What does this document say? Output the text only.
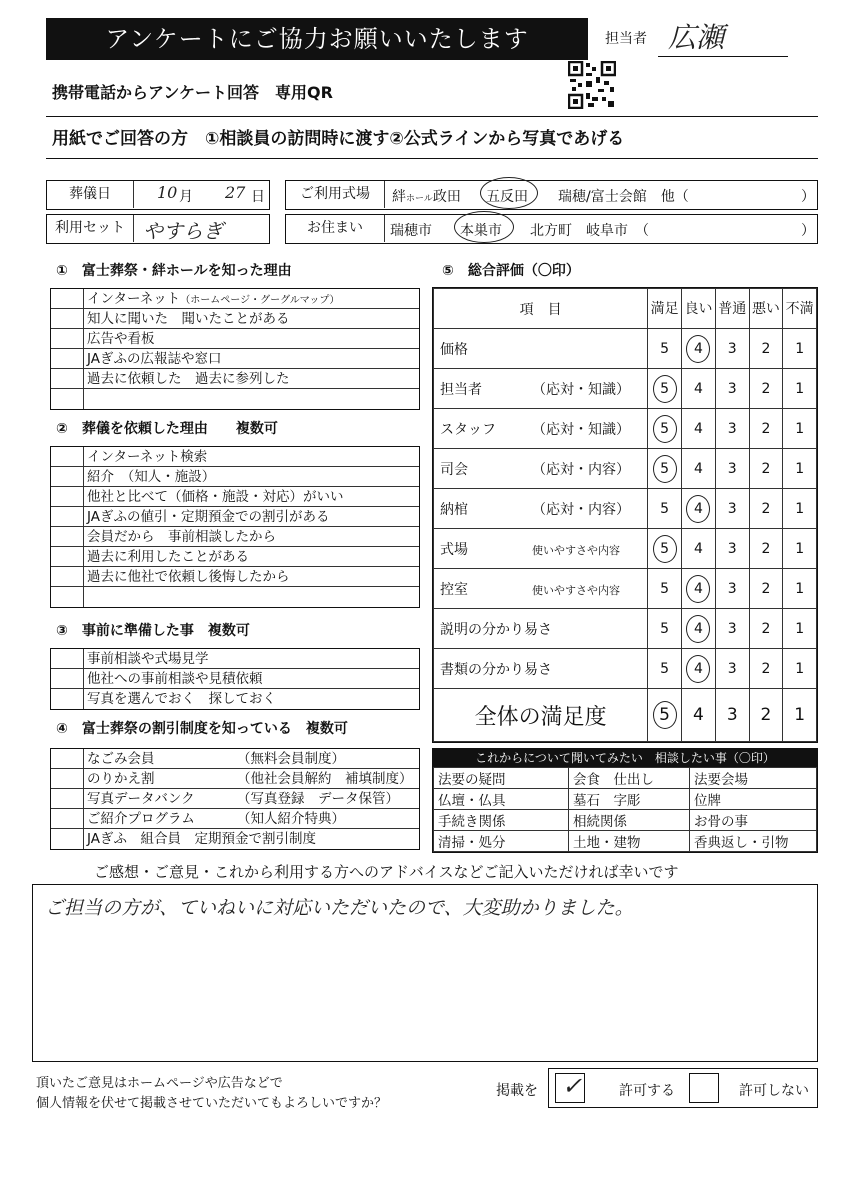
アンケートにご協力お願いいたします	担当者 広瀬
携帯電話からアンケート回答　専用QR
用紙でご回答の方　①相談員の訪問時に渡す②公式ラインから写真であげる
葬儀日	10 月 27 日	ご利用式場	絆ホール政田 五反田 瑞穂/富士会館　他（	）
利用セット やすらぎ	お住まい	瑞穂市 本巣市 北方町　岐阜市　（	）
①　富士葬祭・絆ホールを知った理由
インターネット（ホームページ・グーグルマップ）
知人に聞いた　聞いたことがある
広告や看板
JAぎふの広報誌や窓口
過去に依頼した　過去に参列した
②　葬儀を依頼した理由　　複数可
インターネット検索
紹介　（知人・施設）
他社と比べて（価格・施設・対応）がいい
JAぎふの値引・定期預金での割引がある
会員だから　事前相談したから
過去に利用したことがある
過去に他社で依頼し後悔したから
③　事前に準備した事　複数可
事前相談や式場見学
他社への事前相談や見積依頼
写真を選んでおく　探しておく
④　富士葬祭の割引制度を知っている　複数可
なごみ会員	（無料会員制度）
のりかえ割	（他社会員解約　補填制度）
写真データバンク	（写真登録　データ保管）
ご紹介プログラム	（知人紹介特典）
JAぎふ　組合員　定期預金で割引制度
⑤　総合評価（〇印）
項　目	満足	良い	普通	悪い	不満
価格	5	4	3	2	1
担当者 （応対・知識）	5	4	3	2	1
スタッフ （応対・知識）	5	4	3	2	1
司会 （応対・内容）	5	4	3	2	1
納棺 （応対・内容）	5	4	3	2	1
式場 使いやすさや内容	5	4	3	2	1
控室 使いやすさや内容	5	4	3	2	1
説明の分かり易さ	5	4	3	2	1
書類の分かり易さ	5	4	3	2	1
全体の満足度	5	4	3	2	1
これからについて聞いてみたい　相談したい事（〇印）
法要の疑問	会食　仕出し	法要会場
仏壇・仏具	墓石　字彫	位牌
手続き関係	相続関係	お骨の事
清掃・処分	土地・建物	香典返し・引物
ご感想・ご意見・これから利用する方へのアドバイスなどご記入いただければ幸いです
ご担当の方が、ていねいに対応いただいたので、大変助かりました。
頂いたご意見はホームページや広告などで
個人情報を伏せて掲載させていただいてもよろしいですか？
掲載を ✓	許可する	許可しない
